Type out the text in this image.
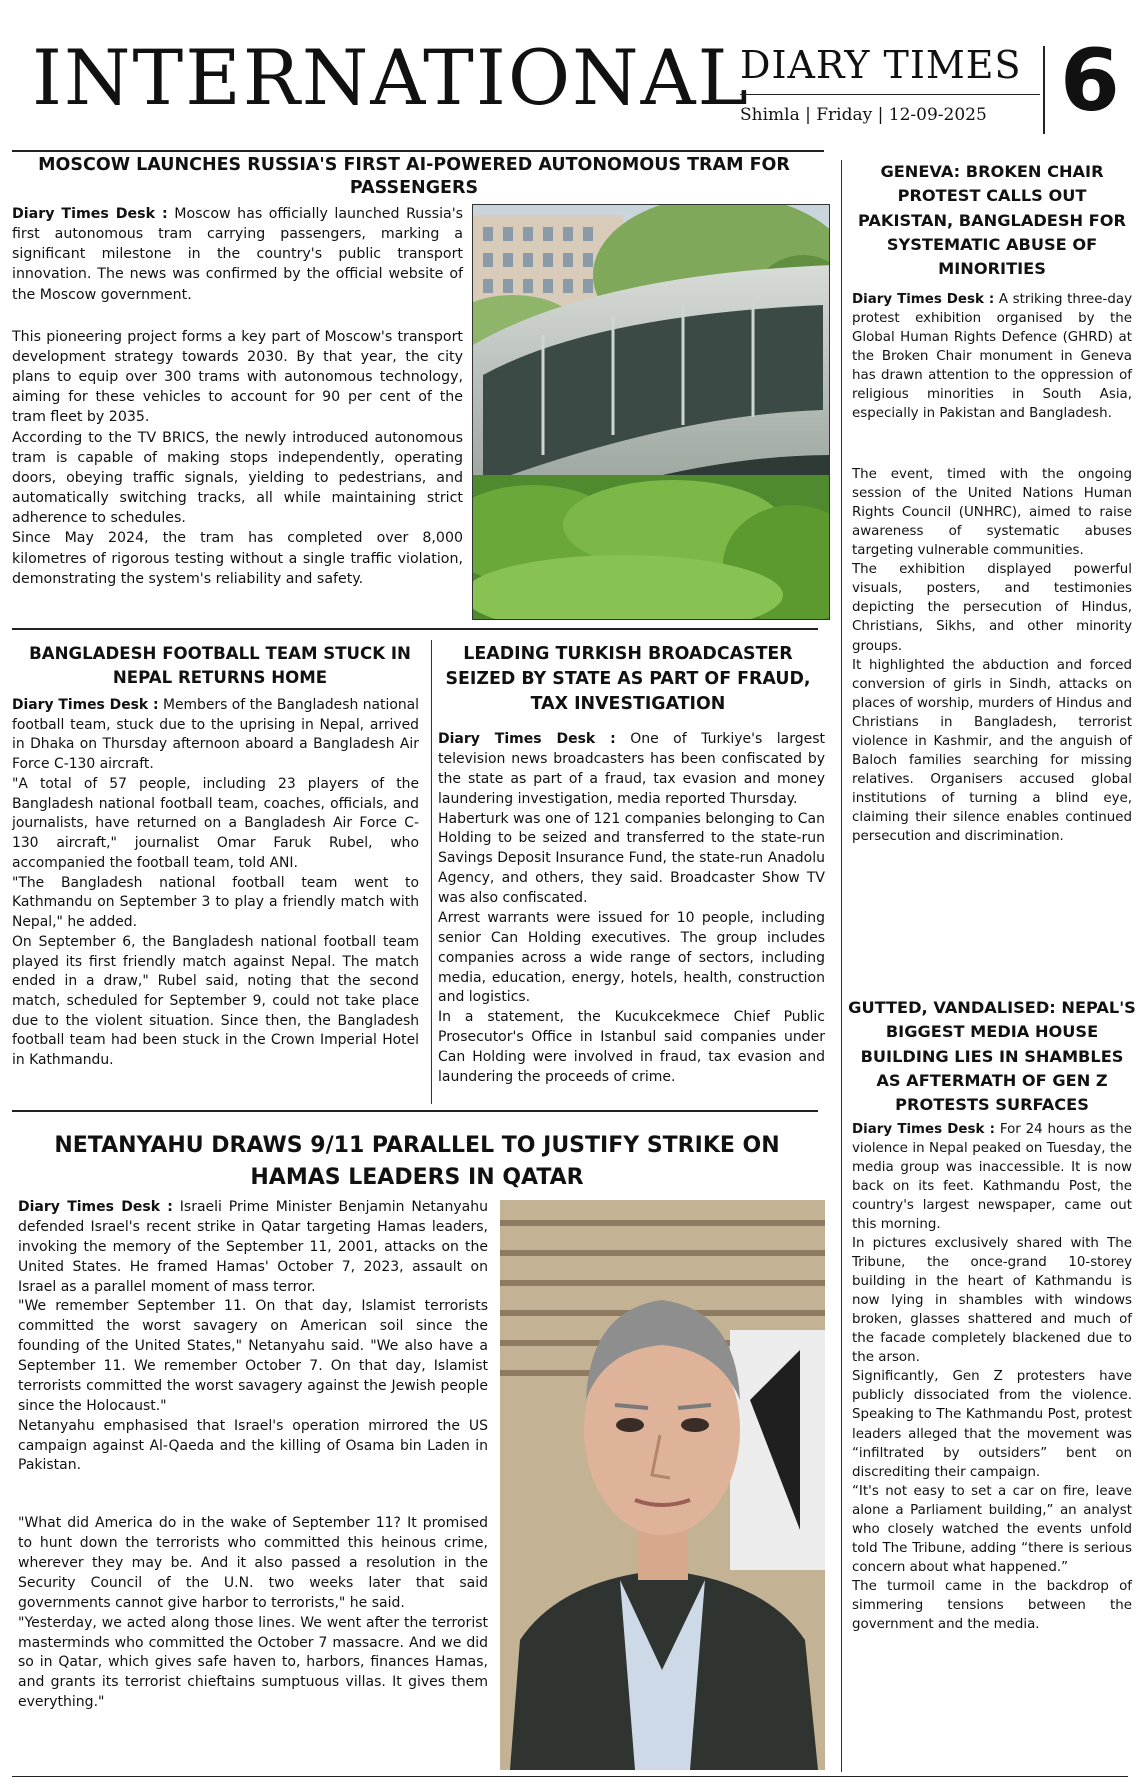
INTERNATIONAL
DIARY TIMES
Shimla | Friday | 12-09-2025 6
MOSCOW LAUNCHES RUSSIA'S FIRST AI-POWERED AUTONOMOUS TRAM FOR PASSENGERS

Diary Times Desk : Moscow has officially launched Russia's first autonomous tram carrying passengers, marking a significant milestone in the country's public transport innovation. The news was confirmed by the official website of the Moscow government.

This pioneering project forms a key part of Moscow's transport development strategy towards 2030. By that year, the city plans to equip over 300 trams with autonomous technology, aiming for these vehicles to account for 90 per cent of the tram fleet by 2035.

According to the TV BRICS, the newly introduced autonomous tram is capable of making stops independently, operating doors, obeying traffic signals, yielding to pedestrians, and automatically switching tracks, all while maintaining strict adherence to schedules.

Since May 2024, the tram has completed over 8,000 kilometres of rigorous testing without a single traffic violation, demonstrating the system's reliability and safety.

GENEVA: BROKEN CHAIR PROTEST CALLS OUT PAKISTAN, BANGLADESH FOR SYSTEMATIC ABUSE OF MINORITIES

Diary Times Desk : A striking three-day protest exhibition organised by the Global Human Rights Defence (GHRD) at the Broken Chair monument in Geneva has drawn attention to the oppression of religious minorities in South Asia, especially in Pakistan and Bangladesh.

The event, timed with the ongoing session of the United Nations Human Rights Council (UNHRC), aimed to raise awareness of systematic abuses targeting vulnerable communities.

The exhibition displayed powerful visuals, posters, and testimonies depicting the persecution of Hindus, Christians, Sikhs, and other minority groups.

It highlighted the abduction and forced conversion of girls in Sindh, attacks on places of worship, murders of Hindus and Christians in Bangladesh, terrorist violence in Kashmir, and the anguish of Baloch families searching for missing relatives. Organisers accused global institutions of turning a blind eye, claiming their silence enables continued persecution and discrimination.

GUTTED, VANDALISED: NEPAL'S BIGGEST MEDIA HOUSE BUILDING LIES IN SHAMBLES AS AFTERMATH OF GEN Z PROTESTS SURFACES

Diary Times Desk : For 24 hours as the violence in Nepal peaked on Tuesday, the media group was inaccessible. It is now back on its feet. Kathmandu Post, the country's largest newspaper, came out this morning.

In pictures exclusively shared with The Tribune, the once-grand 10-storey building in the heart of Kathmandu is now lying in shambles with windows broken, glasses shattered and much of the facade completely blackened due to the arson.

Significantly, Gen Z protesters have publicly dissociated from the violence. Speaking to The Kathmandu Post, protest leaders alleged that the movement was “infiltrated by outsiders” bent on discrediting their campaign.

“It's not easy to set a car on fire, leave alone a Parliament building,” an analyst who closely watched the events unfold told The Tribune, adding “there is serious concern about what happened.”

The turmoil came in the backdrop of simmering tensions between the government and the media.

BANGLADESH FOOTBALL TEAM STUCK IN NEPAL RETURNS HOME

Diary Times Desk : Members of the Bangladesh national football team, stuck due to the uprising in Nepal, arrived in Dhaka on Thursday afternoon aboard a Bangladesh Air Force C-130 aircraft.

"A total of 57 people, including 23 players of the Bangladesh national football team, coaches, officials, and journalists, have returned on a Bangladesh Air Force C-130 aircraft," journalist Omar Faruk Rubel, who accompanied the football team, told ANI.

"The Bangladesh national football team went to Kathmandu on September 3 to play a friendly match with Nepal," he added.

On September 6, the Bangladesh national football team played its first friendly match against Nepal. The match ended in a draw," Rubel said, noting that the second match, scheduled for September 9, could not take place due to the violent situation. Since then, the Bangladesh football team had been stuck in the Crown Imperial Hotel in Kathmandu.

LEADING TURKISH BROADCASTER SEIZED BY STATE AS PART OF FRAUD, TAX INVESTIGATION

Diary Times Desk : One of Turkiye's largest television news broadcasters has been confiscated by the state as part of a fraud, tax evasion and money laundering investigation, media reported Thursday.

Haberturk was one of 121 companies belonging to Can Holding to be seized and transferred to the state-run Savings Deposit Insurance Fund, the state-run Anadolu Agency, and others, they said. Broadcaster Show TV was also confiscated.

Arrest warrants were issued for 10 people, including senior Can Holding executives. The group includes companies across a wide range of sectors, including media, education, energy, hotels, health, construction and logistics.

In a statement, the Kucukcekmece Chief Public Prosecutor's Office in Istanbul said companies under Can Holding were involved in fraud, tax evasion and laundering the proceeds of crime.

NETANYAHU DRAWS 9/11 PARALLEL TO JUSTIFY STRIKE ON HAMAS LEADERS IN QATAR

Diary Times Desk : Israeli Prime Minister Benjamin Netanyahu defended Israel's recent strike in Qatar targeting Hamas leaders, invoking the memory of the September 11, 2001, attacks on the United States. He framed Hamas' October 7, 2023, assault on Israel as a parallel moment of mass terror.

"We remember September 11. On that day, Islamist terrorists committed the worst savagery on American soil since the founding of the United States," Netanyahu said. "We also have a September 11. We remember October 7. On that day, Islamist terrorists committed the worst savagery against the Jewish people since the Holocaust."

Netanyahu emphasised that Israel's operation mirrored the US campaign against Al-Qaeda and the killing of Osama bin Laden in Pakistan.

"What did America do in the wake of September 11? It promised to hunt down the terrorists who committed this heinous crime, wherever they may be. And it also passed a resolution in the Security Council of the U.N. two weeks later that said governments cannot give harbor to terrorists," he said.

"Yesterday, we acted along those lines. We went after the terrorist masterminds who committed the October 7 massacre. And we did so in Qatar, which gives safe haven to, harbors, finances Hamas, and grants its terrorist chieftains sumptuous villas. It gives them everything."
